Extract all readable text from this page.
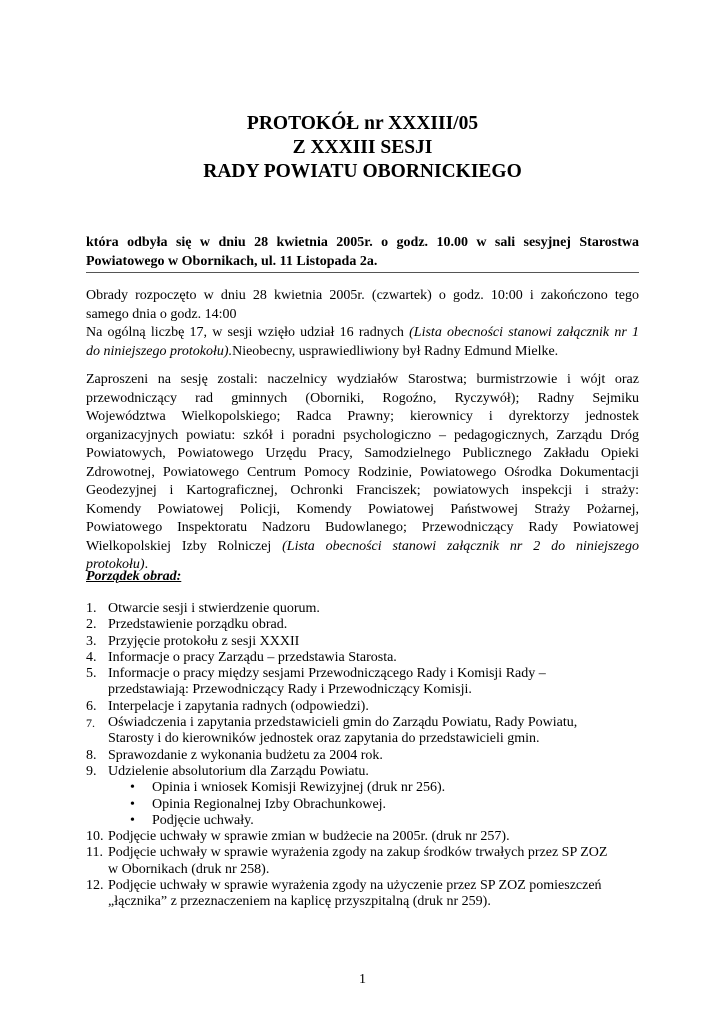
PROTOKÓŁ nr XXXIII/05
Z XXXIII SESJI
RADY POWIATU OBORNICKIEGO
która odbyła się w dniu 28 kwietnia 2005r. o godz. 10.00 w sali sesyjnej Starostwa
Powiatowego w Obornikach, ul. 11 Listopada 2a.

Obrady rozpoczęto w dniu 28 kwietnia 2005r. (czwartek) o godz. 10:00 i zakończono tego

samego dnia o godz. 14:00

Na ogólną liczbę 17, w sesji wzięło udział 16 radnych (Lista obecności stanowi załącznik nr 1

do niniejszego protokołu).Nieobecny, usprawiedliwiony był Radny Edmund Mielke.

Zaproszeni na sesję zostali: naczelnicy wydziałów Starostwa; burmistrzowie i wójt oraz

przewodniczący rad gminnych (Oborniki, Rogoźno, Ryczywół); Radny Sejmiku

Województwa Wielkopolskiego; Radca Prawny; kierownicy i dyrektorzy jednostek

organizacyjnych powiatu: szkół i poradni psychologiczno – pedagogicznych, Zarządu Dróg

Powiatowych, Powiatowego Urzędu Pracy, Samodzielnego Publicznego Zakładu Opieki

Zdrowotnej, Powiatowego Centrum Pomocy Rodzinie, Powiatowego Ośrodka Dokumentacji

Geodezyjnej i Kartograficznej, Ochronki Franciszek; powiatowych inspekcji i straży:

Komendy Powiatowej Policji, Komendy Powiatowej Państwowej Straży Pożarnej,

Powiatowego Inspektoratu Nadzoru Budowlanego; Przewodniczący Rady Powiatowej

Wielkopolskiej Izby Rolniczej (Lista obecności stanowi załącznik nr 2 do niniejszego

protokołu).

Porządek obrad:
1. Otwarcie sesji i stwierdzenie quorum.
2. Przedstawienie porządku obrad.
3. Przyjęcie protokołu z sesji XXXII
4. Informacje o pracy Zarządu – przedstawia Starosta.
5. Informacje o pracy między sesjami Przewodniczącego Rady i Komisji Rady –
przedstawiają: Przewodniczący Rady i Przewodniczący Komisji.
6. Interpelacje i zapytania radnych (odpowiedzi).
7. Oświadczenia i zapytania przedstawicieli gmin do Zarządu Powiatu, Rady Powiatu,
Starosty i do kierowników jednostek oraz zapytania do przedstawicieli gmin.
8. Sprawozdanie z wykonania budżetu za 2004 rok.
9. Udzielenie absolutorium dla Zarządu Powiatu.
• Opinia i wniosek Komisji Rewizyjnej (druk nr 256).
• Opinia Regionalnej Izby Obrachunkowej.
• Podjęcie uchwały.
10. Podjęcie uchwały w sprawie zmian w budżecie na 2005r. (druk nr 257).
11. Podjęcie uchwały w sprawie wyrażenia zgody na zakup środków trwałych przez SP ZOZ
w Obornikach (druk nr 258).
12. Podjęcie uchwały w sprawie wyrażenia zgody na użyczenie przez SP ZOZ pomieszczeń
„łącznika” z przeznaczeniem na kaplicę przyszpitalną (druk nr 259).
1
